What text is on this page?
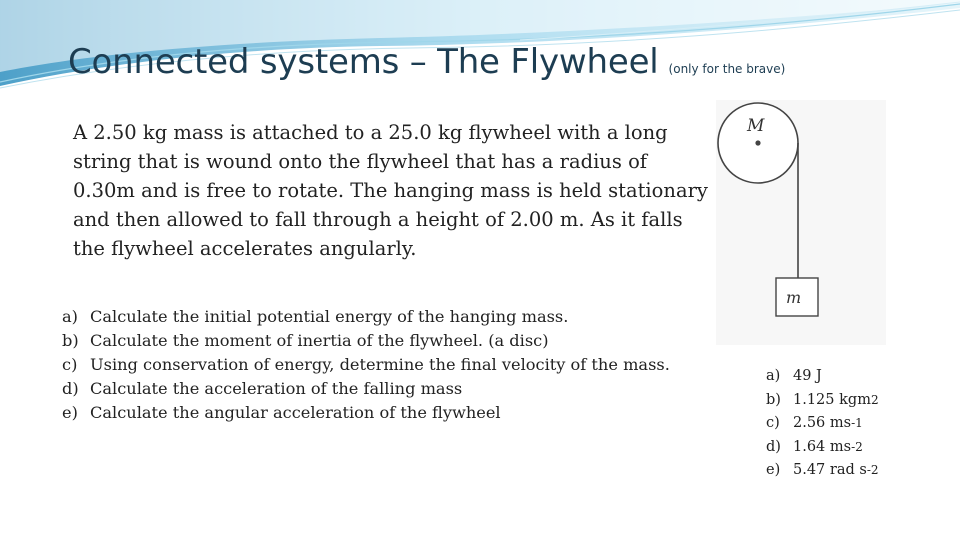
Connected systems – The Flywheel (only for the brave)

A 2.50 kg mass is attached to a 25.0 kg flywheel with a long string that is wound onto the flywheel that has a radius of 0.30m and is free to rotate. The hanging mass is held stationary and then allowed to fall through a height of 2.00 m. As it falls the flywheel accelerates angularly.

a) Calculate the initial potential energy of the hanging mass.
b) Calculate the moment of inertia of the flywheel. (a disc)
c) Using conservation of energy, determine the final velocity of the mass.
d) Calculate the acceleration of the falling mass
e) Calculate the angular acceleration of the flywheel
M
m
a) 49 J
b) 1.125 kgm 2
c) 2.56 ms -1
d) 1.64 ms -2
e) 5.47 rad s -2
